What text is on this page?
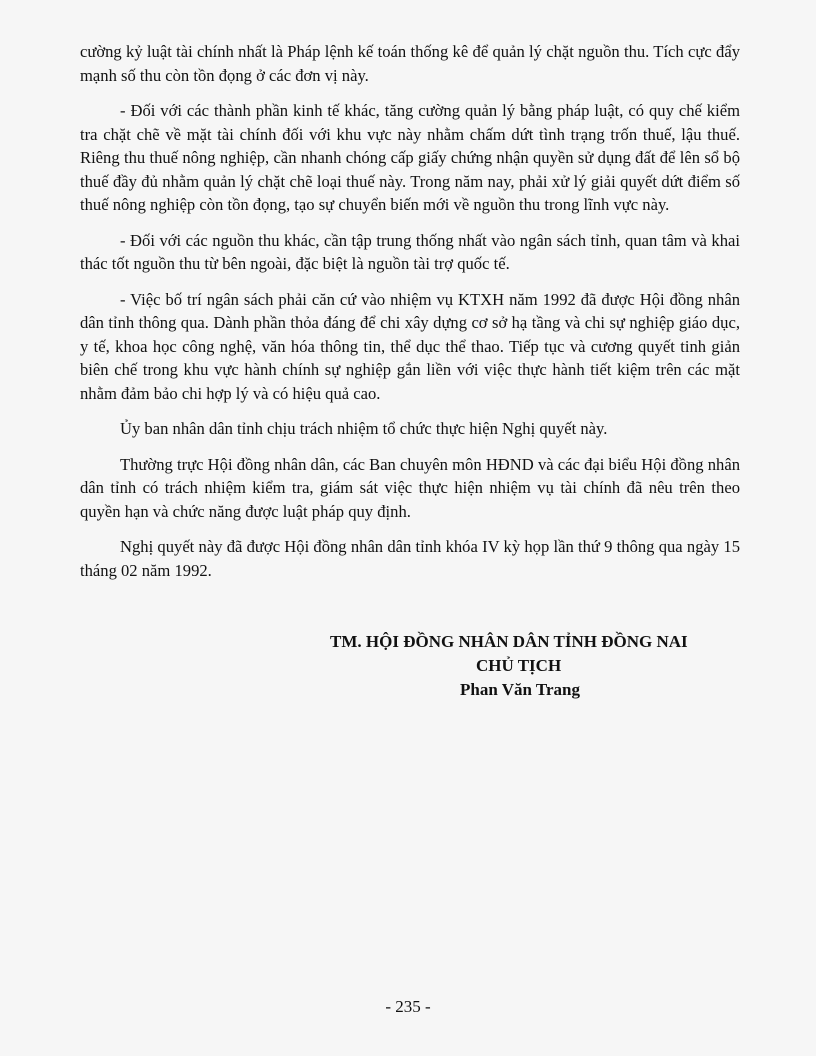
cường kỷ luật tài chính nhất là Pháp lệnh kế toán thống kê để quản lý chặt nguồn thu. Tích cực đẩy mạnh số thu còn tồn đọng ở các đơn vị này.

- Đối với các thành phần kinh tế khác, tăng cường quản lý bằng pháp luật, có quy chế kiểm tra chặt chẽ về mặt tài chính đối với khu vực này nhằm chấm dứt tình trạng trốn thuế, lậu thuế. Riêng thu thuế nông nghiệp, cần nhanh chóng cấp giấy chứng nhận quyền sử dụng đất để lên sổ bộ thuế đầy đủ nhằm quản lý chặt chẽ loại thuế này. Trong năm nay, phải xử lý giải quyết dứt điểm số thuế nông nghiệp còn tồn đọng, tạo sự chuyển biến mới về nguồn thu trong lĩnh vực này.

- Đối với các nguồn thu khác, cần tập trung thống nhất vào ngân sách tỉnh, quan tâm và khai thác tốt nguồn thu từ bên ngoài, đặc biệt là nguồn tài trợ quốc tế.

- Việc bố trí ngân sách phải căn cứ vào nhiệm vụ KTXH năm 1992 đã được Hội đồng nhân dân tỉnh thông qua. Dành phần thỏa đáng để chi xây dựng cơ sở hạ tầng và chi sự nghiệp giáo dục, y tế, khoa học công nghệ, văn hóa thông tin, thể dục thể thao. Tiếp tục và cương quyết tinh giản biên chế trong khu vực hành chính sự nghiệp gắn liền với việc thực hành tiết kiệm trên các mặt nhằm đảm bảo chi hợp lý và có hiệu quả cao.

Ủy ban nhân dân tỉnh chịu trách nhiệm tổ chức thực hiện Nghị quyết này.

Thường trực Hội đồng nhân dân, các Ban chuyên môn HĐND và các đại biểu Hội đồng nhân dân tỉnh có trách nhiệm kiểm tra, giám sát việc thực hiện nhiệm vụ tài chính đã nêu trên theo quyền hạn và chức năng được luật pháp quy định.

Nghị quyết này đã được Hội đồng nhân dân tỉnh khóa IV kỳ họp lần thứ 9 thông qua ngày 15 tháng 02 năm 1992.

TM. HỘI ĐỒNG NHÂN DÂN TỈNH ĐỒNG NAI
CHỦ TỊCH
Phan Văn Trang
- 235 -
